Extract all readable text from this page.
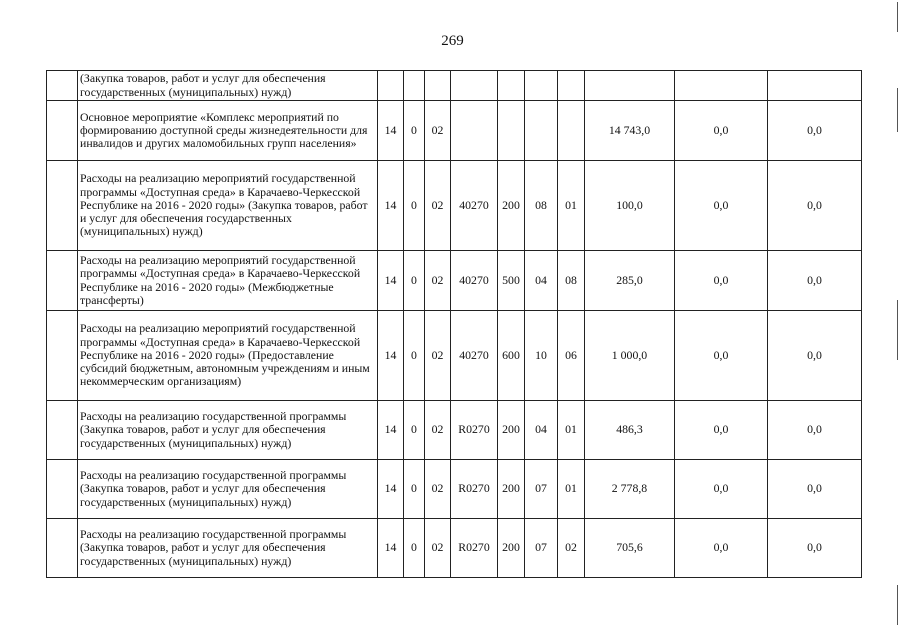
269
	(Закупка товаров, работ и услуг для обеспечения государственных (муниципальных) нужд)										
	Основное мероприятие «Комплекс мероприятий по формированию доступной среды жизнедеятельности для инвалидов и других маломобильных групп населения»	14	0	02					14 743,0	0,0	0,0
	Расходы на реализацию мероприятий государственной программы «Доступная среда» в Карачаево-Черкесской Республике на 2016 - 2020 годы» (Закупка товаров, работ и услуг для обеспечения государственных (муниципальных) нужд)	14	0	02	40270	200	08	01	100,0	0,0	0,0
	Расходы на реализацию мероприятий государственной программы «Доступная среда» в Карачаево-Черкесской Республике на 2016 - 2020 годы» (Межбюджетные трансферты)	14	0	02	40270	500	04	08	285,0	0,0	0,0
	Расходы на реализацию мероприятий государственной программы «Доступная среда» в Карачаево-Черкесской Республике на 2016 - 2020 годы» (Предоставление субсидий бюджетным, автономным учреждениям и иным некоммерческим организациям)	14	0	02	40270	600	10	06	1 000,0	0,0	0,0
	Расходы на реализацию государственной программы (Закупка товаров, работ и услуг для обеспечения государственных (муниципальных) нужд)	14	0	02	R0270	200	04	01	486,3	0,0	0,0
	Расходы на реализацию государственной программы (Закупка товаров, работ и услуг для обеспечения государственных (муниципальных) нужд)	14	0	02	R0270	200	07	01	2 778,8	0,0	0,0
	Расходы на реализацию государственной программы (Закупка товаров, работ и услуг для обеспечения государственных (муниципальных) нужд)	14	0	02	R0270	200	07	02	705,6	0,0	0,0
